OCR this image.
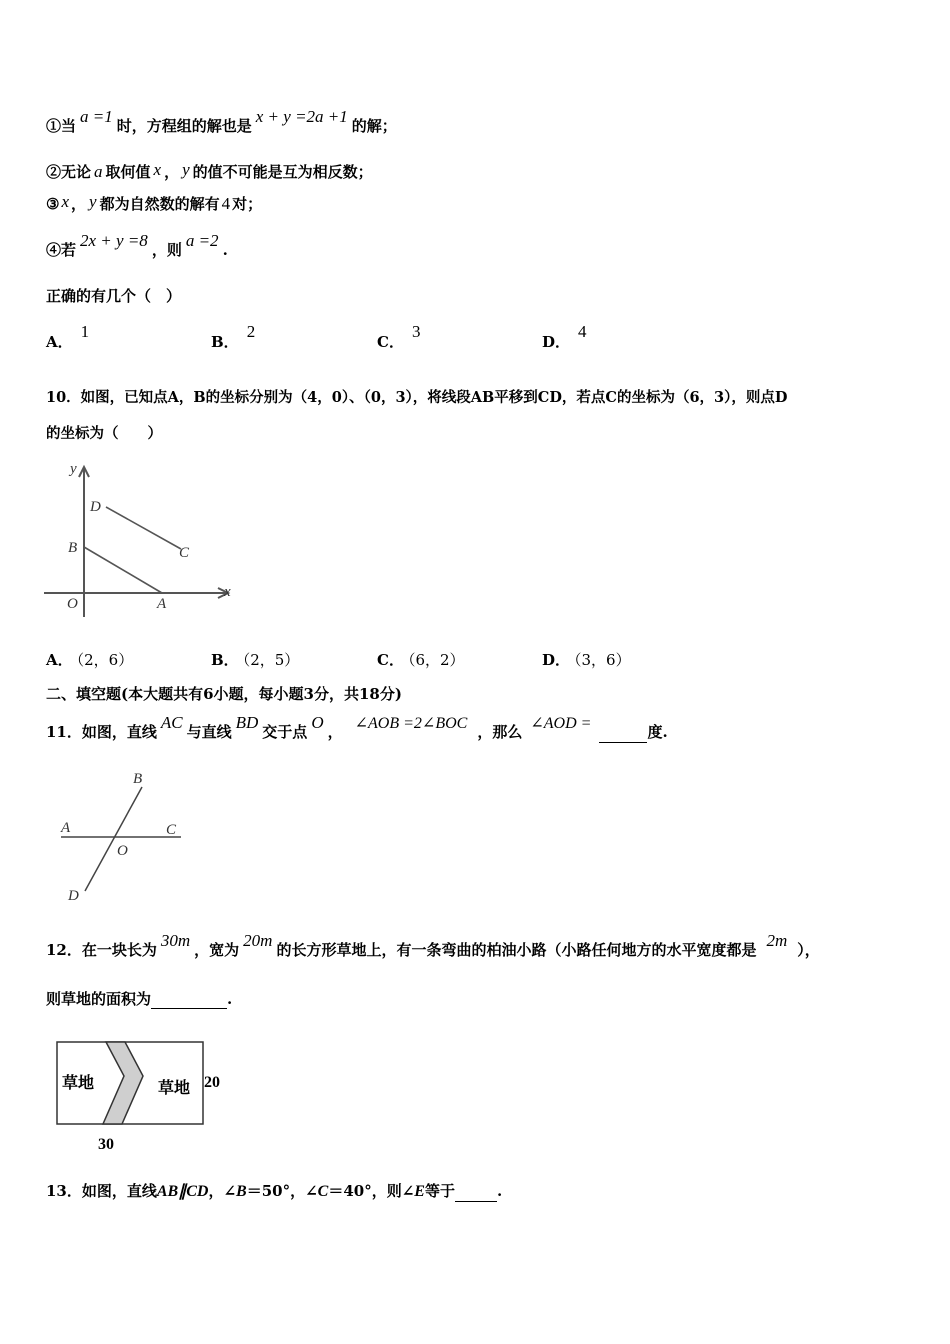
①当 a =1 时，方程组的解也是 x + y =2a +1 的解；
②无论 a 取何值 x ， y 的值不可能是互为相反数；
③ x ， y 都为自然数的解有 4 对；
④若 2x + y =8 ，则 a =2 .
正确的有几个（　）
A．1
B．2
C．3
D．4
10．如图，已知点A，B的坐标分别为（4，0）、（0，3），将线段AB平移到CD，若点C的坐标为（6，3），则点D
的坐标为（　　）
y
x
D
C
B
O	A
A． （2，6）	B． （2，5）	C． （6，2）	D． （3，6）
二、填空题(本大题共有6小题，每小题3分，共18分)
11．如图，直线 AC 与直线 BD 交于点 O ， ∠AOB =2∠BOC ，那么 ∠AOD =	度.
B
A	C
O
D
12．在一块长为 30m ，宽为 20m 的长方形草地上，有一条弯曲的柏油小路（小路任何地方的水平宽度都是 2m ），
则草地的面积为	.
草地	草地 20
30
13．如图，直线AB∥CD，∠B＝50°，∠C＝40°，则∠E等于	.
